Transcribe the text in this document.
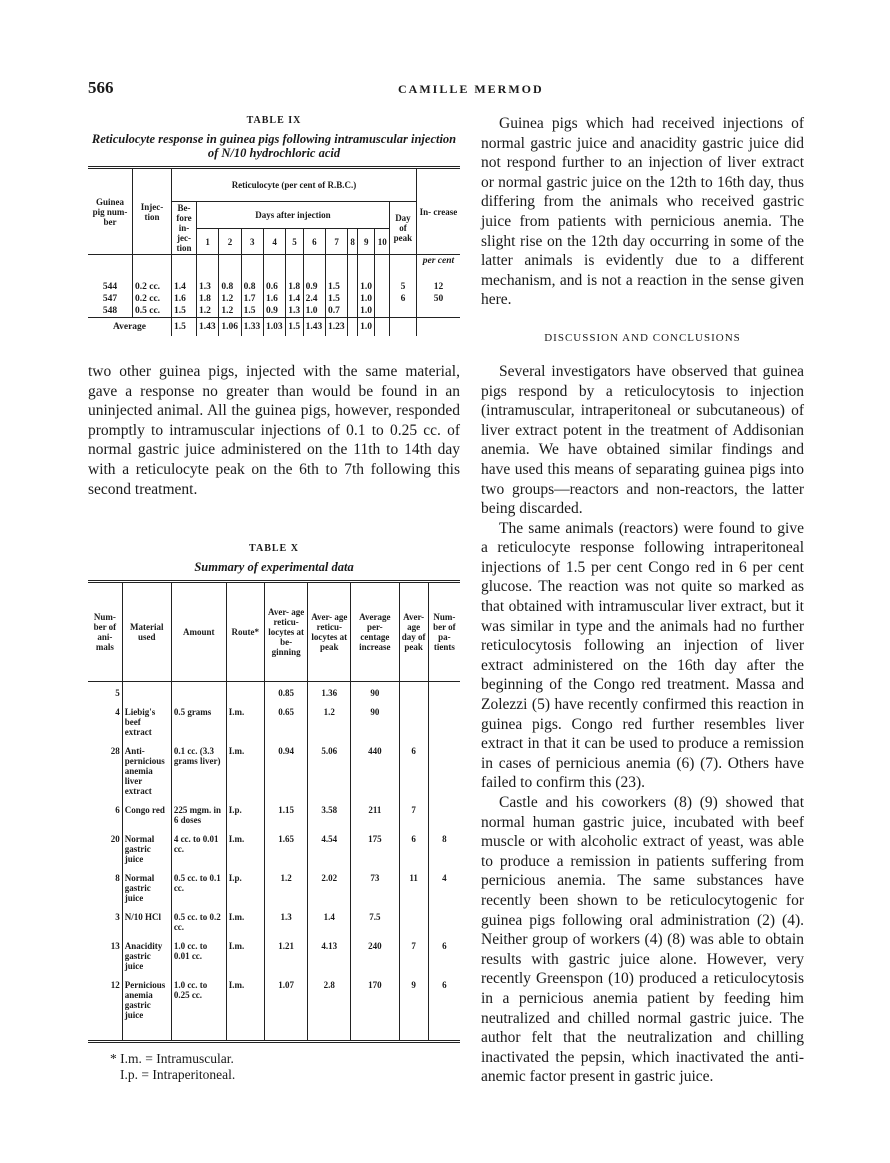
566	CAMILLE MERMOD
TABLE IX
Reticulocyte response in guinea pigs following intramuscular injection of N/10 hydrochloric acid
Guinea pig num- ber	Injec- tion	Reticulocyte (per cent of R.B.C.)												In- crease
		Be- fore in- jec- tion	Days after injection										Day of peak	
			1	2	3	4	5	6	7	8	9	10		
														per cent
544	0.2 cc.	1.4	1.3	0.8	0.8	0.6	1.8	0.9	1.5		1.0		5	12
547	0.2 cc.	1.6	1.8	1.2	1.7	1.6	1.4	2.4	1.5		1.0		6	50
548	0.5 cc.	1.5	1.2	1.2	1.5	0.9	1.3	1.0	0.7		1.0			
Average		1.5	1.43	1.06	1.33	1.03	1.5	1.43	1.23		1.0			

two other guinea pigs, injected with the same material, gave a response no greater than would be found in an uninjected animal. All the guinea pigs, however, responded promptly to intramuscular injections of 0.1 to 0.25 cc. of normal gastric juice administered on the 11th to 14th day with a reticulocyte peak on the 6th to 7th following this second treatment.

TABLE X
Summary of experimental data
Num- ber of ani- mals	Material used	Amount	Route*	Aver- age reticu- locytes at be- ginning	Aver- age reticu- locytes at peak	Average per- centage increase	Aver- age day of peak	Num- ber of pa- tients
5				0.85	1.36	90		
4	Liebig's beef extract	0.5 grams	I.m.	0.65	1.2	90		
28	Anti- pernicious anemia liver extract	0.1 cc. (3.3 grams liver)	I.m.	0.94	5.06	440	6	
6	Congo red	225 mgm. in 6 doses	I.p.	1.15	3.58	211	7	
20	Normal gastric juice	4 cc. to 0.01 cc.	I.m.	1.65	4.54	175	6	8
8	Normal gastric juice	0.5 cc. to 0.1 cc.	I.p.	1.2	2.02	73	11	4
3	N/10 HCl	0.5 cc. to 0.2 cc.	I.m.	1.3	1.4	7.5		
13	Anacidity gastric juice	1.0 cc. to 0.01 cc.	I.m.	1.21	4.13	240	7	6
12	Pernicious anemia gastric juice	1.0 cc. to 0.25 cc.	I.m.	1.07	2.8	170	9	6
* I.m. = Intramuscular.
I.p. = Intraperitoneal.

Guinea pigs which had received injections of normal gastric juice and anacidity gastric juice did not respond further to an injection of liver extract or normal gastric juice on the 12th to 16th day, thus differing from the animals who received gastric juice from patients with pernicious anemia. The slight rise on the 12th day occurring in some of the latter animals is evidently due to a different mechanism, and is not a reaction in the sense given here.

DISCUSSION AND CONCLUSIONS

Several investigators have observed that guinea pigs respond by a reticulocytosis to injection (intramuscular, intraperitoneal or subcutaneous) of liver extract potent in the treatment of Addisonian anemia. We have obtained similar findings and have used this means of separating guinea pigs into two groups—reactors and non-reactors, the latter being discarded.

The same animals (reactors) were found to give a reticulocyte response following intraperitoneal injections of 1.5 per cent Congo red in 6 per cent glucose. The reaction was not quite so marked as that obtained with intramuscular liver extract, but it was similar in type and the animals had no further reticulocytosis following an injection of liver extract administered on the 16th day after the beginning of the Congo red treatment. Massa and Zolezzi (5) have recently confirmed this reaction in guinea pigs. Congo red further resembles liver extract in that it can be used to produce a remission in cases of pernicious anemia (6) (7). Others have failed to confirm this (23).

Castle and his coworkers (8) (9) showed that normal human gastric juice, incubated with beef muscle or with alcoholic extract of yeast, was able to produce a remission in patients suffering from pernicious anemia. The same substances have recently been shown to be reticulocytogenic for guinea pigs following oral administration (2) (4). Neither group of workers (4) (8) was able to obtain results with gastric juice alone. However, very recently Greenspon (10) produced a reticulocytosis in a pernicious anemia patient by feeding him neutralized and chilled normal gastric juice. The author felt that the neutralization and chilling inactivated the pepsin, which inactivated the anti-anemic factor present in gastric juice.
